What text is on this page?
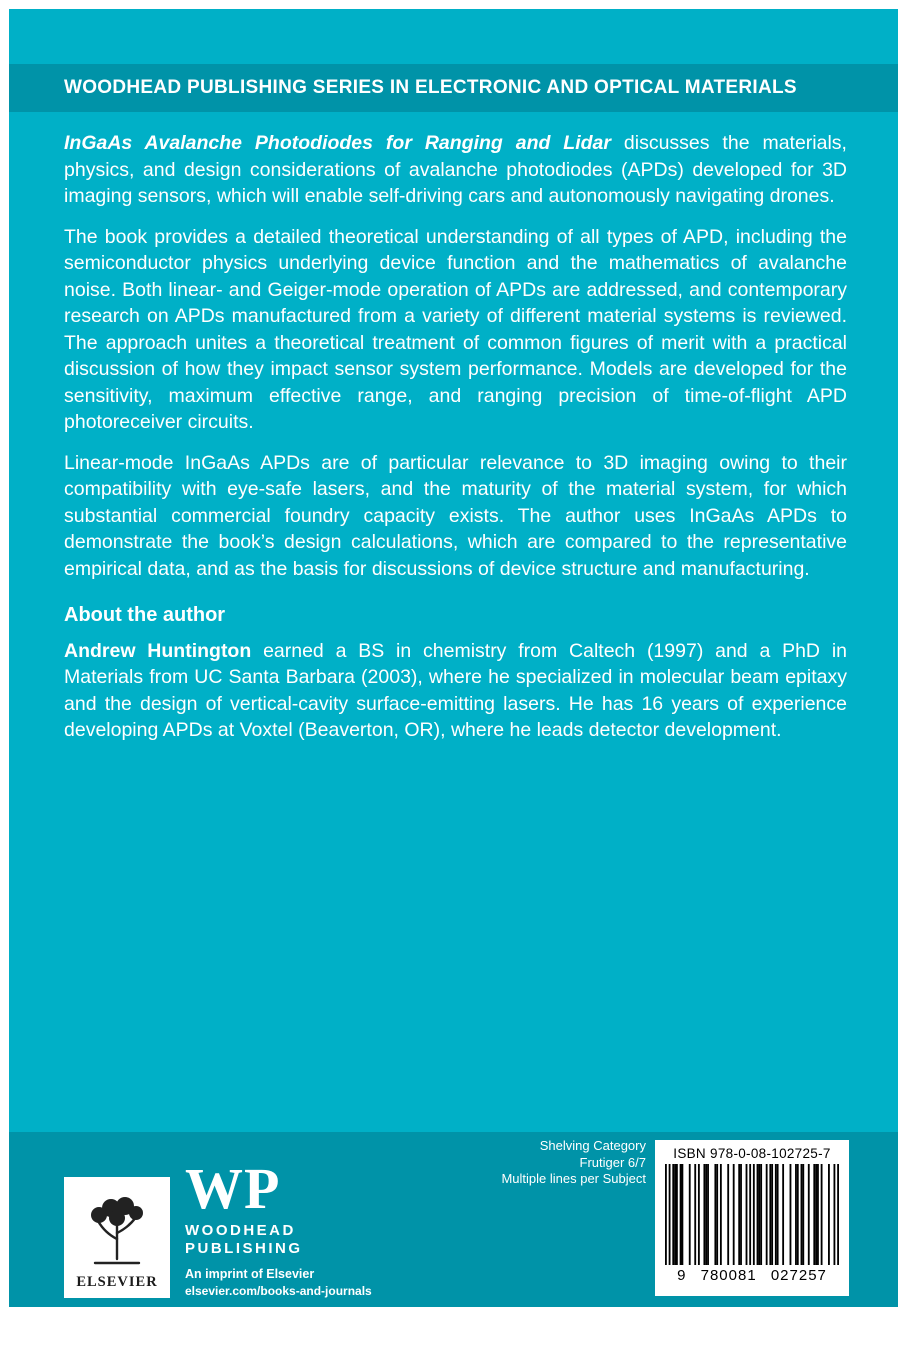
WOODHEAD PUBLISHING SERIES IN ELECTRONIC AND OPTICAL MATERIALS

InGaAs Avalanche Photodiodes for Ranging and Lidar discusses the materials, physics, and design considerations of avalanche photodiodes (APDs) developed for 3D imaging sensors, which will enable self-driving cars and autonomously navigating drones.

The book provides a detailed theoretical understanding of all types of APD, including the semiconductor physics underlying device function and the mathematics of avalanche noise. Both linear- and Geiger-mode operation of APDs are addressed, and contemporary research on APDs manufactured from a variety of different material systems is reviewed. The approach unites a theoretical treatment of common figures of merit with a practical discussion of how they impact sensor system performance. Models are developed for the sensitivity, maximum effective range, and ranging precision of time-of-flight APD photoreceiver circuits.

Linear-mode InGaAs APDs are of particular relevance to 3D imaging owing to their compatibility with eye-safe lasers, and the maturity of the material system, for which substantial commercial foundry capacity exists. The author uses InGaAs APDs to demonstrate the book’s design calculations, which are compared to the representative empirical data, and as the basis for discussions of device structure and manufacturing.

About the author

Andrew Huntington earned a BS in chemistry from Caltech (1997) and a PhD in Materials from UC Santa Barbara (2003), where he specialized in molecular beam epitaxy and the design of vertical-cavity surface-emitting lasers. He has 16 years of experience developing APDs at Voxtel (Beaverton, OR), where he leads detector development.

ELSEVIER
WP
WOODHEAD
PUBLISHING
An imprint of Elsevier
elsevier.com/books-and-journals
Shelving Category
Frutiger 6/7
Multiple lines per Subject
ISBN 978-0-08-102725-7
9 780081 027257
